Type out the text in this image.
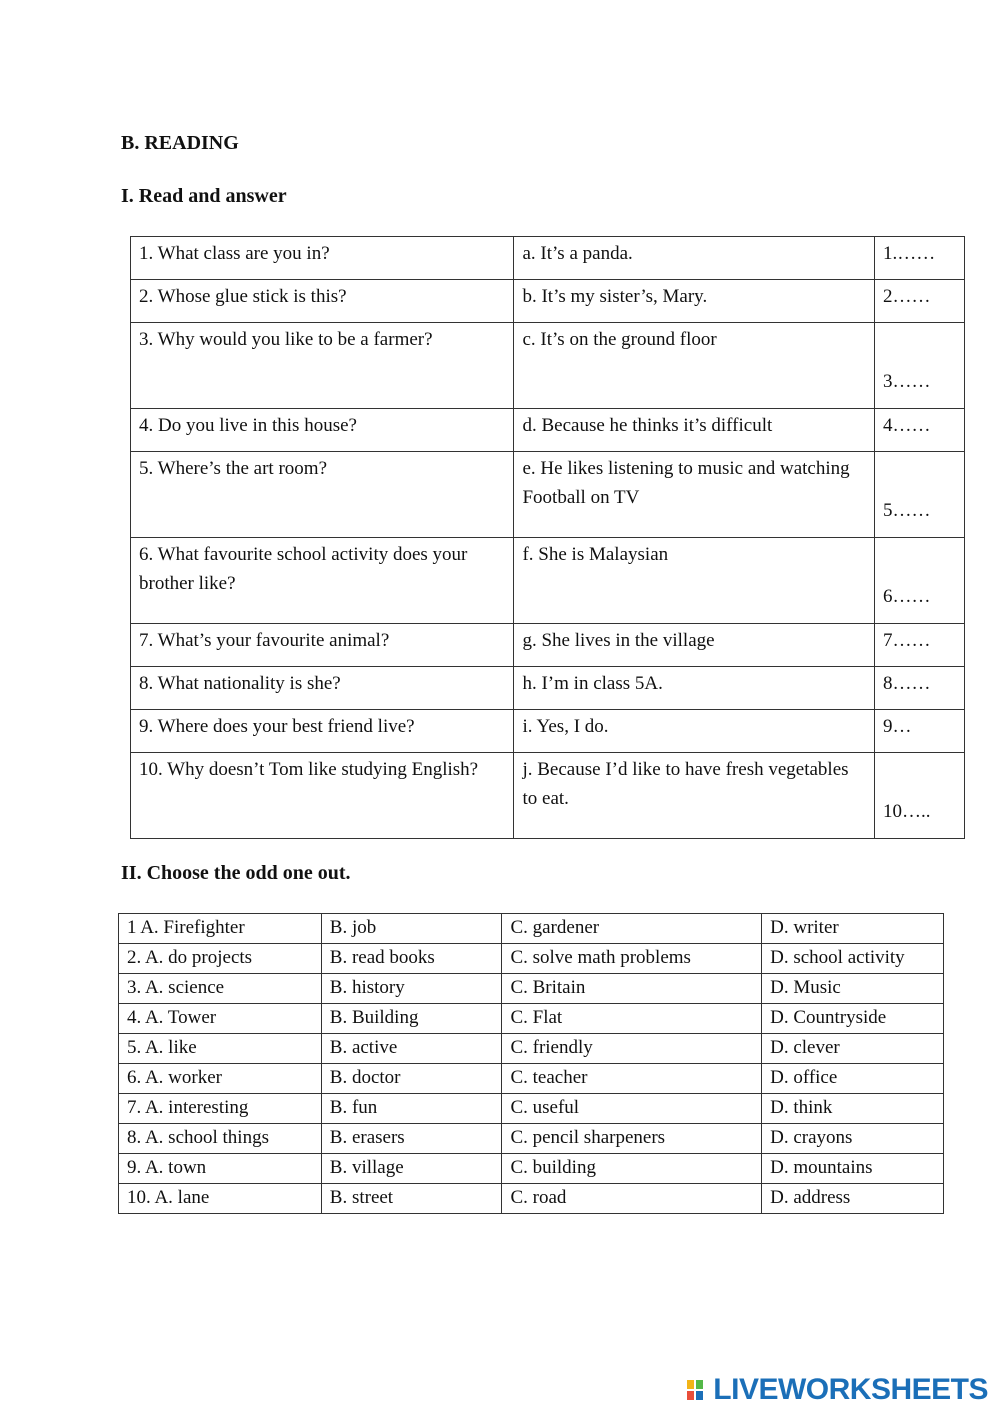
B. READING
I. Read and answer
1. What class are you in?	a. It’s a panda.	1.……
2. Whose glue stick is this?	b. It’s my sister’s, Mary.	2……
3. Why would you like to be a farmer?	c. It’s on the ground floor	3……
4. Do you live in this house?	d. Because he thinks it’s difficult	4……
5. Where’s the art room?	e. He likes listening to music and watching Football on TV	5……
6. What favourite school activity does your brother like?	f. She is Malaysian	6……
7. What’s your favourite animal?	g. She lives in the village	7……
8. What nationality is she?	h. I’m in class 5A.	8……
9. Where does your best friend live?	i. Yes, I do.	9…
10. Why doesn’t Tom like studying English?	j. Because I’d like to have fresh vegetables to eat.	10…..
II. Choose the odd one out.
1 A. Firefighter	B. job	C. gardener	D. writer
2. A. do projects	B. read books	C. solve math problems	D. school activity
3. A. science	B. history	C. Britain	D. Music
4. A. Tower	B. Building	C. Flat	D. Countryside
5. A. like	B. active	C. friendly	D. clever
6. A. worker	B. doctor	C. teacher	D. office
7. A. interesting	B. fun	C. useful	D. think
8. A. school things	B. erasers	C. pencil sharpeners	D. crayons
9. A. town	B. village	C. building	D. mountains
10. A. lane	B. street	C. road	D. address
LIVEWORKSHEETS
